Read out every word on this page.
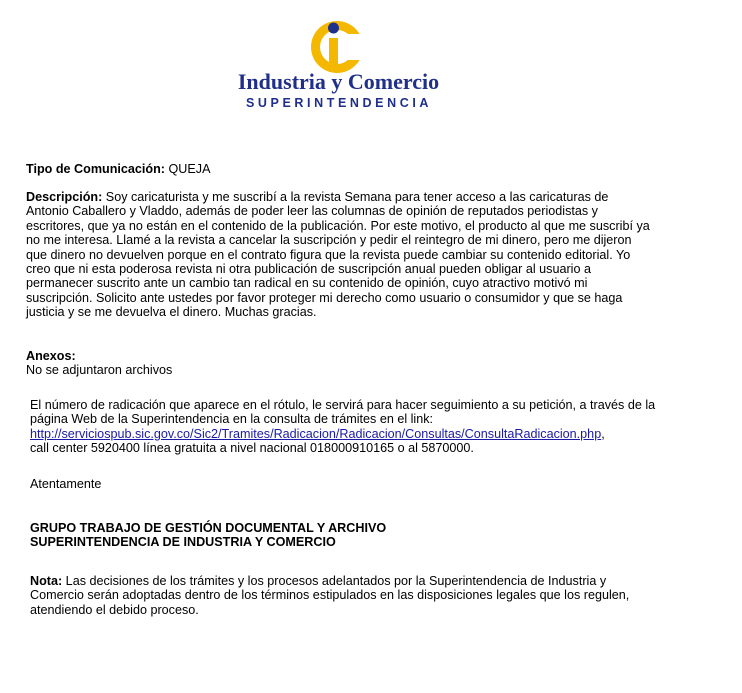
Industria y Comercio
SUPERINTENDENCIA
Tipo de Comunicación: QUEJA
Descripción: Soy caricaturista y me suscribí a la revista Semana para tener acceso a las caricaturas de
Antonio Caballero y Vladdo, además de poder leer las columnas de opinión de reputados periodistas y
escritores, que ya no están en el contenido de la publicación. Por este motivo, el producto al que me suscribí ya
no me interesa. Llamé a la revista a cancelar la suscripción y pedir el reintegro de mi dinero, pero me dijeron
que dinero no devuelven porque en el contrato figura que la revista puede cambiar su contenido editorial. Yo
creo que ni esta poderosa revista ni otra publicación de suscripción anual pueden obligar al usuario a
permanecer suscrito ante un cambio tan radical en su contenido de opinión, cuyo atractivo motivó mi
suscripción. Solicito ante ustedes por favor proteger mi derecho como usuario o consumidor y que se haga
justicia y se me devuelva el dinero. Muchas gracias.
Anexos:
No se adjuntaron archivos
El número de radicación que aparece en el rótulo, le servirá para hacer seguimiento a su petición, a través de la
página Web de la Superintendencia en la consulta de trámites en el link:
http://serviciospub.sic.gov.co/Sic2/Tramites/Radicacion/Radicacion/Consultas/ConsultaRadicacion.php,
call center 5920400 línea gratuita a nivel nacional 018000910165 o al 5870000.
Atentamente
GRUPO TRABAJO DE GESTIÓN DOCUMENTAL Y ARCHIVO
SUPERINTENDENCIA DE INDUSTRIA Y COMERCIO
Nota: Las decisiones de los trámites y los procesos adelantados por la Superintendencia de Industria y
Comercio serán adoptadas dentro de los términos estipulados en las disposiciones legales que los regulen,
atendiendo el debido proceso.
